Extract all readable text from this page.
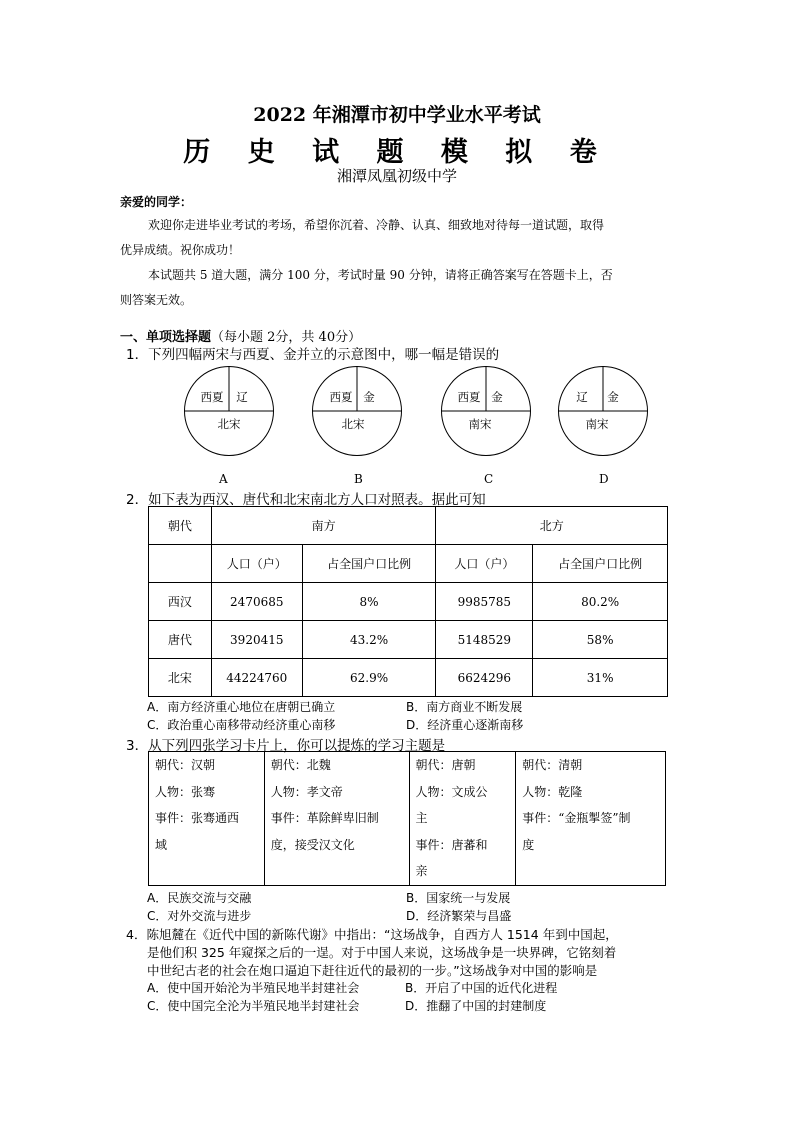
2022 年湘潭市初中学业水平考试
历 史 试 题 模 拟 卷
湘潭凤凰初级中学
亲爱的同学：
欢迎你走进毕业考试的考场，希望你沉着、冷静、认真、细致地对待每一道试题，取得
优异成绩。祝你成功！
本试题共 5 道大题，满分 100 分，考试时量 90 分钟，请将正确答案写在答题卡上，否
则答案无效。
一、单项选择题（每小题 2分，共 40分）
1．下列四幅两宋与西夏、金并立的示意图中，哪一幅是错误的
西夏 辽
北宋
西夏 金
北宋
西夏 金
南宋
辽 金
南宋
A	B	C	D
2．如下表为西汉、唐代和北宋南北方人口对照表。据此可知
朝代	南方		北方	
	人口（户）	占全国户口比例	人口（户）	占全国户口比例
西汉	2470685	8%	9985785	80.2%
唐代	3920415	43.2%	5148529	58%
北宋	44224760	62.9%	6624296	31%
A．南方经济重心地位在唐朝已确立	B．南方商业不断发展
C．政治重心南移带动经济重心南移	D．经济重心逐渐南移
3．从下列四张学习卡片上，你可以提炼的学习主题是
朝代：汉朝
人物：张骞
事件：张骞通西
域

朝代：北魏
人物：孝文帝
事件：革除鲜卑旧制
度，接受汉文化

朝代：唐朝
人物：文成公
主
事件：唐蕃和
亲

朝代：清朝
人物：乾隆
事件：“金瓶掣签”制
度
A．民族交流与交融	B．国家统一与发展
C．对外交流与进步	D．经济繁荣与昌盛
4．陈旭麓在《近代中国的新陈代谢》中指出：“这场战争，自西方人 1514 年到中国起，
是他们积 325 年窥探之后的一逞。对于中国人来说，这场战争是一块界碑，它铭刻着
中世纪古老的社会在炮口逼迫下赶往近代的最初的一步。”这场战争对中国的影响是
A．使中国开始沦为半殖民地半封建社会	B．开启了中国的近代化进程
C．使中国完全沦为半殖民地半封建社会	D．推翻了中国的封建制度
